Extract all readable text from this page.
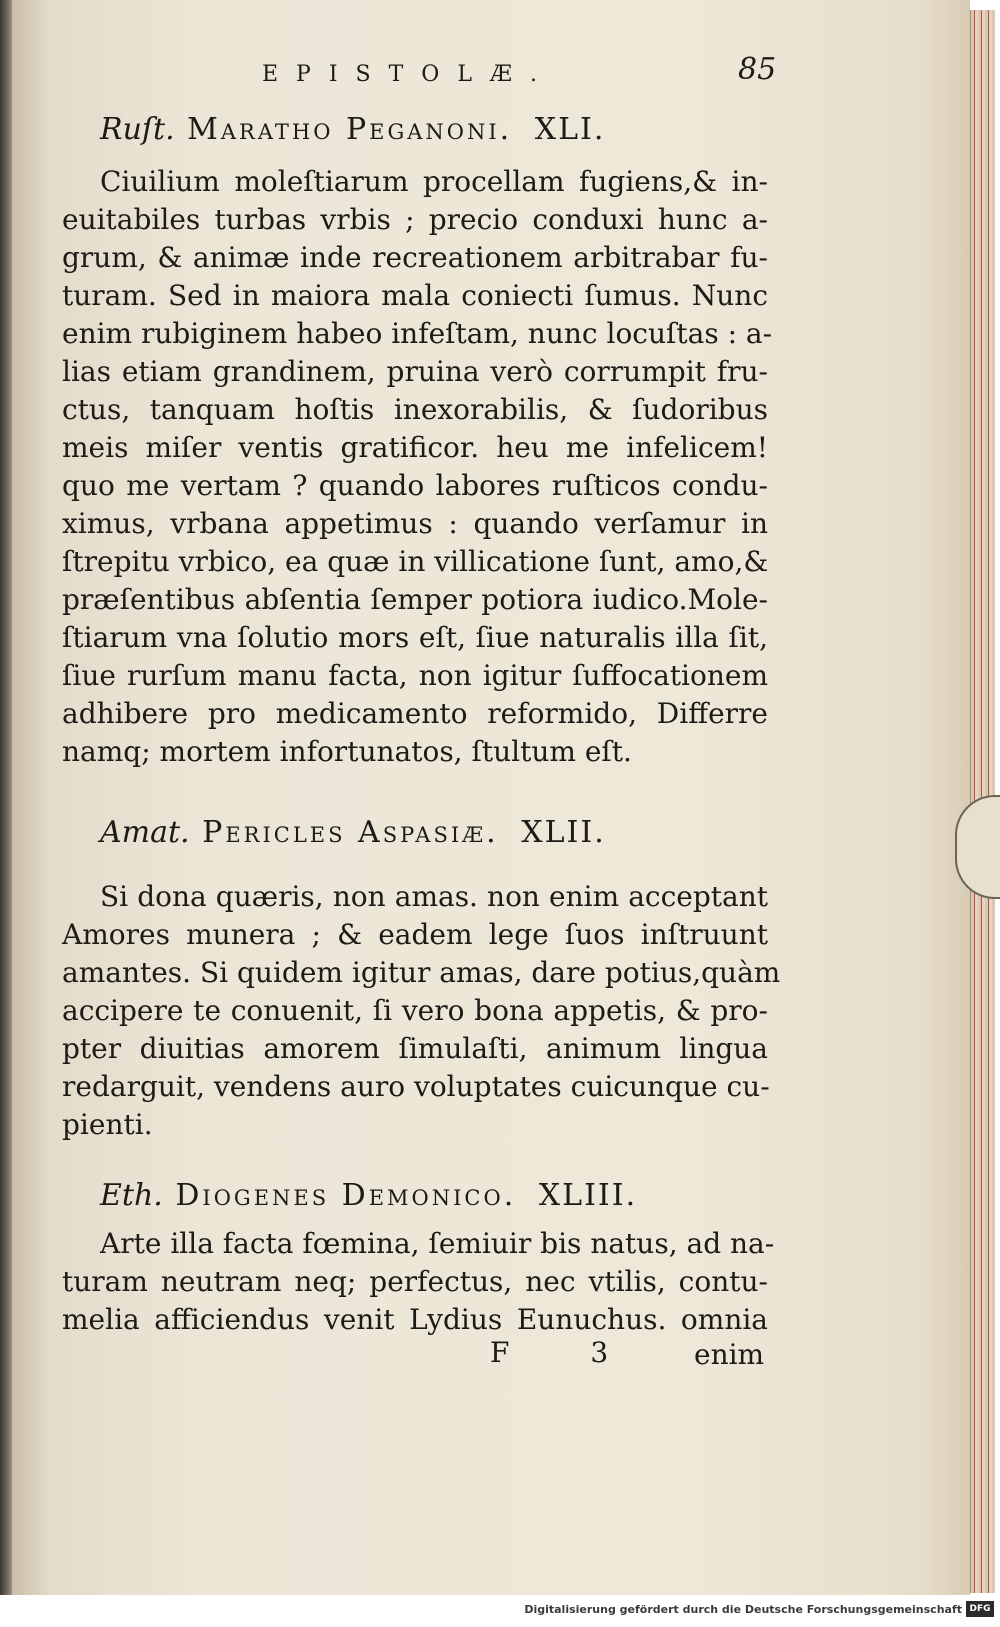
EPISTOLÆ.	85
Ruſt. Maratho Peganoni. XLI.
Ciuilium moleſtiarum procellam fugiens,& in-
euitabiles turbas vrbis ; precio conduxi hunc a-
grum, & animæ inde recreationem arbitrabar fu-
turam. Sed in maiora mala coniecti ſumus. Nunc
enim rubiginem habeo infeſtam, nunc locuſtas : a-
lias etiam grandinem, pruina verò corrumpit fru-
ctus, tanquam hoſtis inexorabilis, & ſudoribus
meis miſer ventis gratificor. heu me infelicem!
quo me vertam ? quando labores ruſticos condu-
ximus, vrbana appetimus : quando verſamur in
ſtrepitu vrbico, ea quæ in villicatione ſunt, amo,&
præſentibus abſentia ſemper potiora iudico.Mole-
ſtiarum vna ſolutio mors eſt, ſiue naturalis illa ſit,
ſiue rurſum manu facta, non igitur ſuffocationem
adhibere pro medicamento reformido, Differre
namq; mortem infortunatos, ſtultum eſt.
Amat. Pericles Aspasiæ. XLII.
Si dona quæris, non amas. non enim acceptant
Amores munera ; & eadem lege ſuos inſtruunt
amantes. Si quidem igitur amas, dare potius,quàm
accipere te conuenit, ſi vero bona appetis, & pro-
pter diuitias amorem ſimulaſti, animum lingua
redarguit, vendens auro voluptates cuicunque cu-
pienti.
Eth. Diogenes Demonico. XLIII.
Arte illa facta fœmina, ſemiuir bis natus, ad na-
turam neutram neq; perfectus, nec vtilis, contu-
melia afficiendus venit Lydius Eunuchus. omnia
F 3 enim
Digitalisierung gefördert durch die Deutsche Forschungsgemeinschaft DFG
